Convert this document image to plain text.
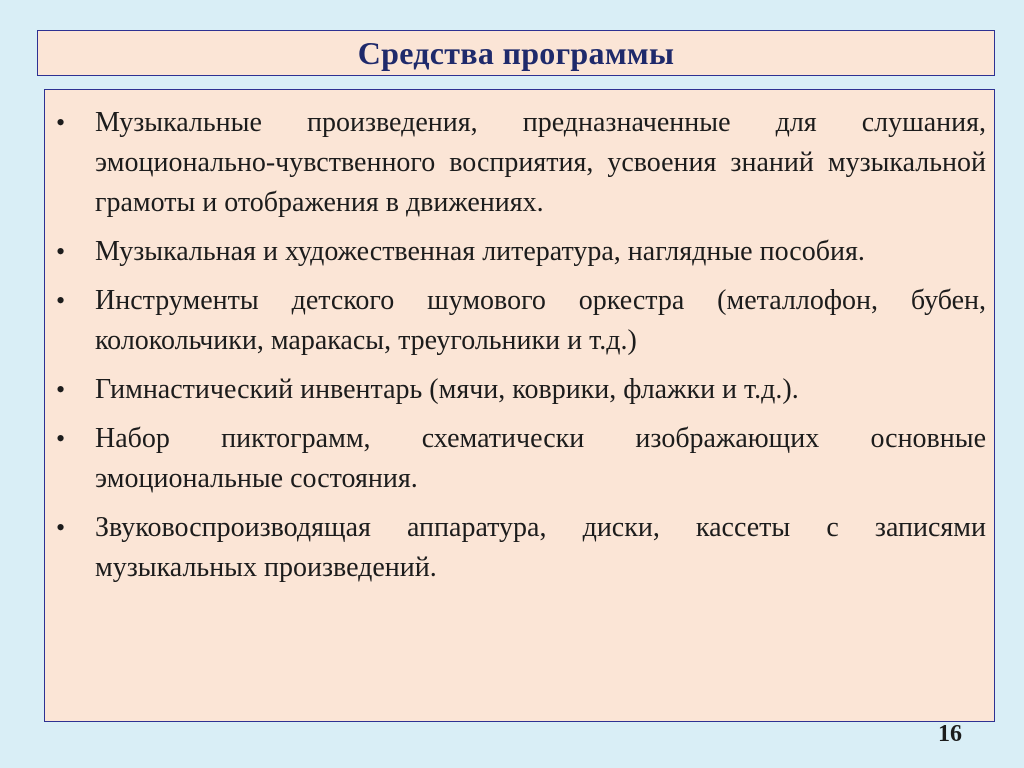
Средства программы
• Музыкальные произведения, предназначенные для слушания, эмоционально-чувственного восприятия, усвоения знаний музыкальной грамоты и отображения в движениях.
• Музыкальная и художественная литература, наглядные пособия.
• Инструменты детского шумового оркестра (металлофон, бубен, колокольчики, маракасы, треугольники и т.д.)
• Гимнастический инвентарь (мячи, коврики, флажки и т.д.).
• Набор пиктограмм, схематически изображающих основные эмоциональные состояния.
• Звуковоспроизводящая аппаратура, диски, кассеты с записями музыкальных произведений.
16
